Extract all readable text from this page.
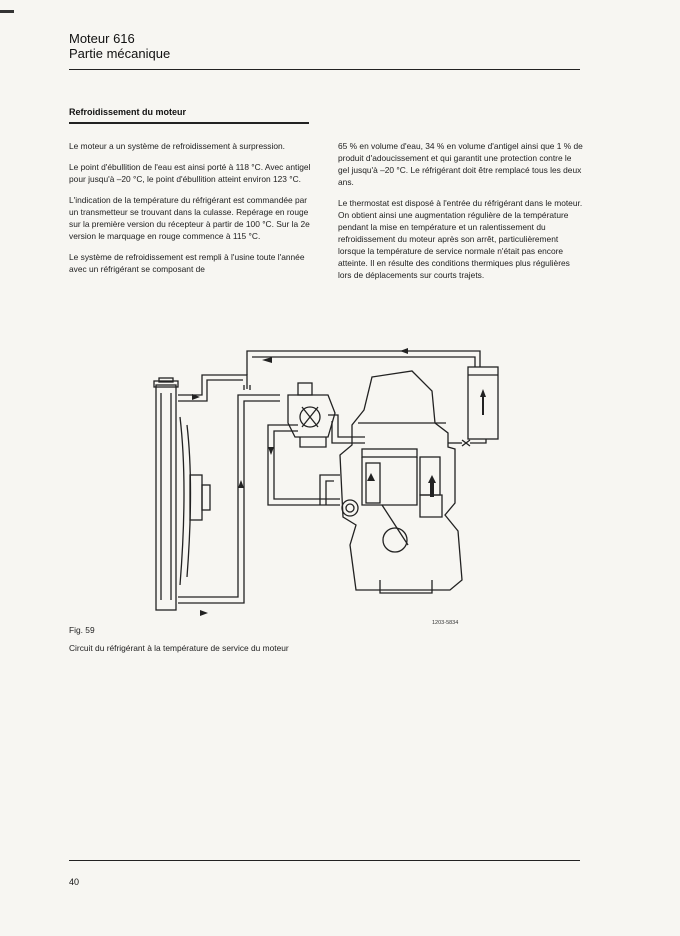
Moteur 616
Partie mécanique
Refroidissement du moteur

Le moteur a un système de refroidissement à surpression.

Le point d'ébullition de l'eau est ainsi porté à 118 °C. Avec antigel pour jusqu'à –20 °C, le point d'ébullition atteint environ 123 °C.

L'indication de la température du réfrigérant est commandée par un transmetteur se trouvant dans la culasse. Repérage en rouge sur la première version du récepteur à partir de 100 °C. Sur la 2e version le marquage en rouge commence à 115 °C.

Le système de refroidissement est rempli à l'usine toute l'année avec un réfrigérant se composant de

65 % en volume d'eau, 34 % en volume d'antigel ainsi que 1 % de produit d'adoucissement et qui garantit une protection contre le gel jusqu'à –20 °C. Le réfrigérant doit être remplacé tous les deux ans.

Le thermostat est disposé à l'entrée du réfrigérant dans le moteur. On obtient ainsi une augmentation régulière de la température pendant la mise en température et un ralentissement du refroidissement du moteur après son arrêt, particulièrement lorsque la température de service normale n'était pas encore atteinte. Il en résulte des conditions thermiques plus régulières lors de déplacements sur courts trajets.

1203-5834
Fig. 59
Circuit du réfrigérant à la température de service du moteur
40
